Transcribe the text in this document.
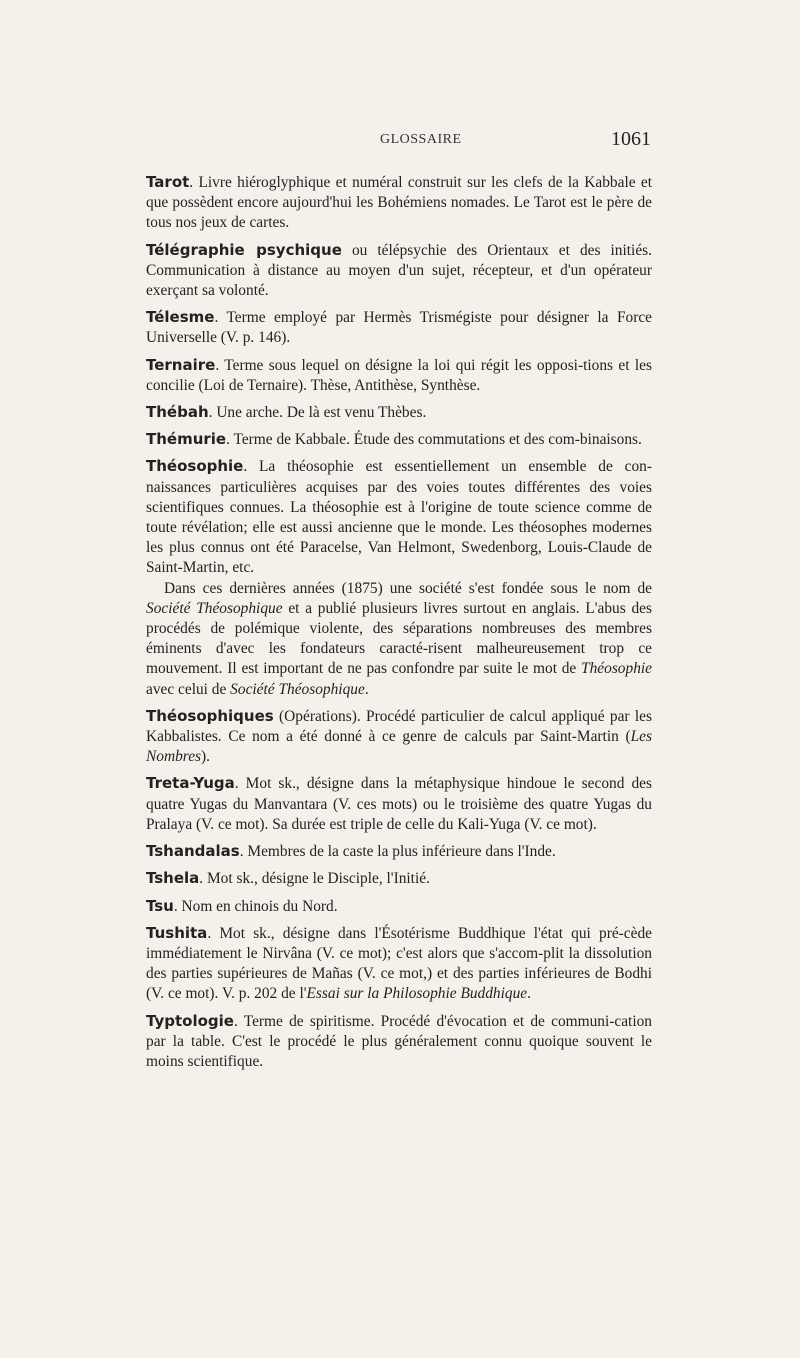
GLOSSAIRE	1061

Tarot. Livre hiéroglyphique et numéral construit sur les clefs de la Kabbale et que possèdent encore aujourd'hui les Bohémiens nomades. Le Tarot est le père de tous nos jeux de cartes.

Télégraphie psychique ou télépsychie des Orientaux et des initiés. Communication à distance au moyen d'un sujet, récepteur, et d'un opérateur exerçant sa volonté.

Télesme. Terme employé par Hermès Trismégiste pour désigner la Force Universelle (V. p. 146).

Ternaire. Terme sous lequel on désigne la loi qui régit les opposi-tions et les concilie (Loi de Ternaire). Thèse, Antithèse, Synthèse.

Thébah. Une arche. De là est venu Thèbes.

Thémurie. Terme de Kabbale. Étude des commutations et des com-binaisons.

Théosophie. La théosophie est essentiellement un ensemble de con-naissances particulières acquises par des voies toutes différentes des voies scientifiques connues. La théosophie est à l'origine de toute science comme de toute révélation; elle est aussi ancienne que le monde. Les théosophes modernes les plus connus ont été Paracelse, Van Helmont, Swedenborg, Louis-Claude de Saint-Martin, etc.
Dans ces dernières années (1875) une société s'est fondée sous le nom de Société Théosophique et a publié plusieurs livres surtout en anglais. L'abus des procédés de polémique violente, des séparations nombreuses des membres éminents d'avec les fondateurs caracté-risent malheureusement trop ce mouvement. Il est important de ne pas confondre par suite le mot de Théosophie avec celui de Société Théosophique.

Théosophiques (Opérations). Procédé particulier de calcul appliqué par les Kabbalistes. Ce nom a été donné à ce genre de calculs par Saint-Martin (Les Nombres).

Treta-Yuga. Mot sk., désigne dans la métaphysique hindoue le second des quatre Yugas du Manvantara (V. ces mots) ou le troisième des quatre Yugas du Pralaya (V. ce mot). Sa durée est triple de celle du Kali-Yuga (V. ce mot).

Tshandalas. Membres de la caste la plus inférieure dans l'Inde.

Tshela. Mot sk., désigne le Disciple, l'Initié.

Tsu. Nom en chinois du Nord.

Tushita. Mot sk., désigne dans l'Ésotérisme Buddhique l'état qui pré-cède immédiatement le Nirvâna (V. ce mot); c'est alors que s'accom-plit la dissolution des parties supérieures de Mañas (V. ce mot,) et des parties inférieures de Bodhi (V. ce mot). V. p. 202 de l'Essai sur la Philosophie Buddhique.

Typtologie. Terme de spiritisme. Procédé d'évocation et de communi-cation par la table. C'est le procédé le plus généralement connu quoique souvent le moins scientifique.
